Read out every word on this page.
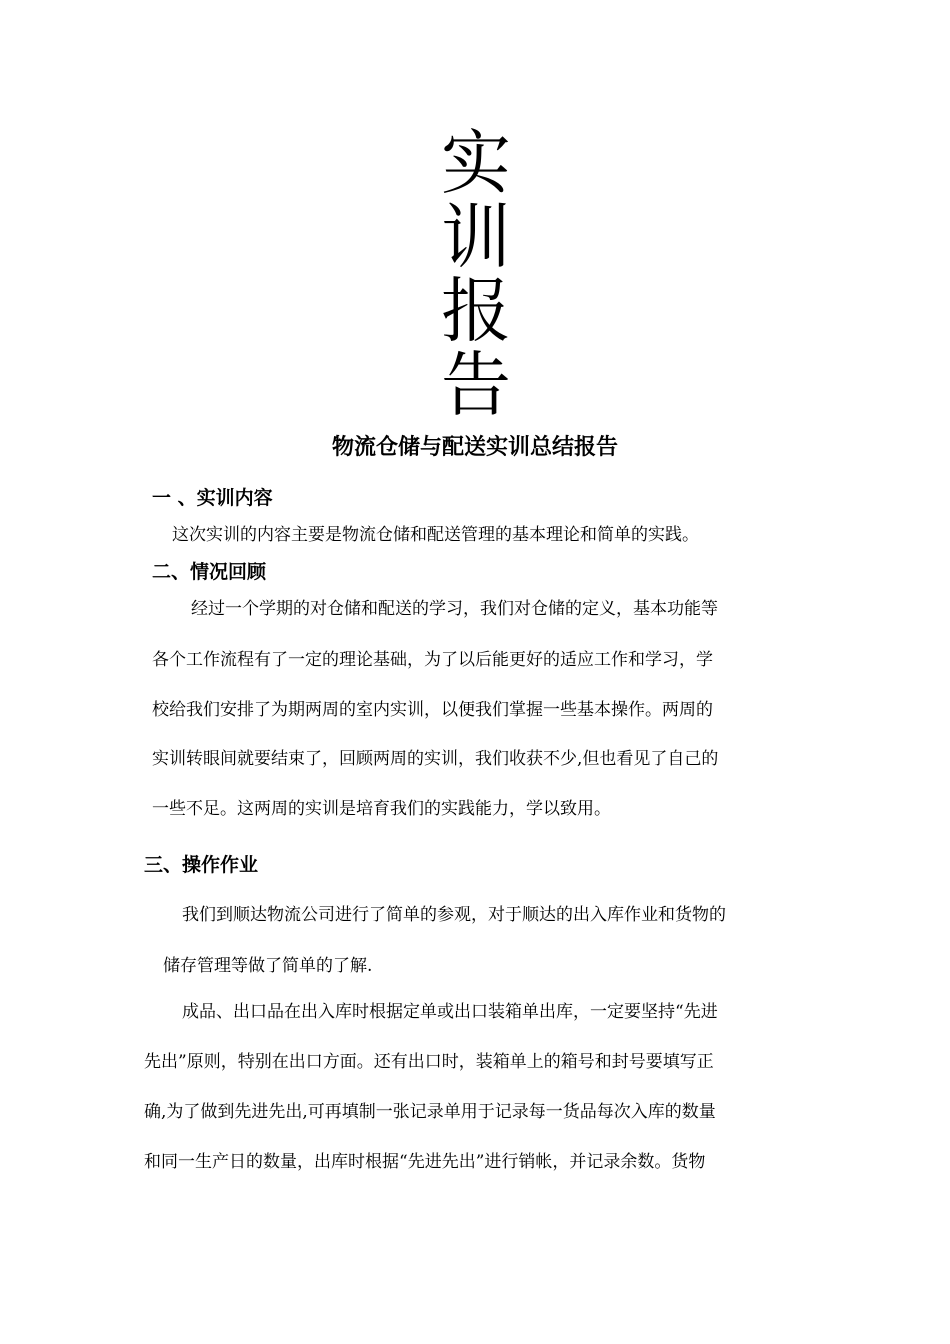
实
训
报
告
物流仓储与配送实训总结报告
一 、实训内容

这次实训的内容主要是物流仓储和配送管理的基本理论和简单的实践。

二、情况回顾

经过一个学期的对仓储和配送的学习，我们对仓储的定义，基本功能等

各个工作流程有了一定的理论基础，为了以后能更好的适应工作和学习，学

校给我们安排了为期两周的室内实训，以便我们掌握一些基本操作。两周的

实训转眼间就要结束了，回顾两周的实训，我们收获不少,但也看见了自己的

一些不足。这两周的实训是培育我们的实践能力，学以致用。

三、操作作业

我们到顺达物流公司进行了简单的参观，对于顺达的出入库作业和货物的

储存管理等做了简单的了解.

成品、出口品在出入库时根据定单或出口装箱单出库，一定要坚持“先进

先出”原则，特别在出口方面。还有出口时，装箱单上的箱号和封号要填写正

确,为了做到先进先出,可再填制一张记录单用于记录每一货品每次入库的数量

和同一生产日的数量，出库时根据“先进先出”进行销帐，并记录余数。货物
